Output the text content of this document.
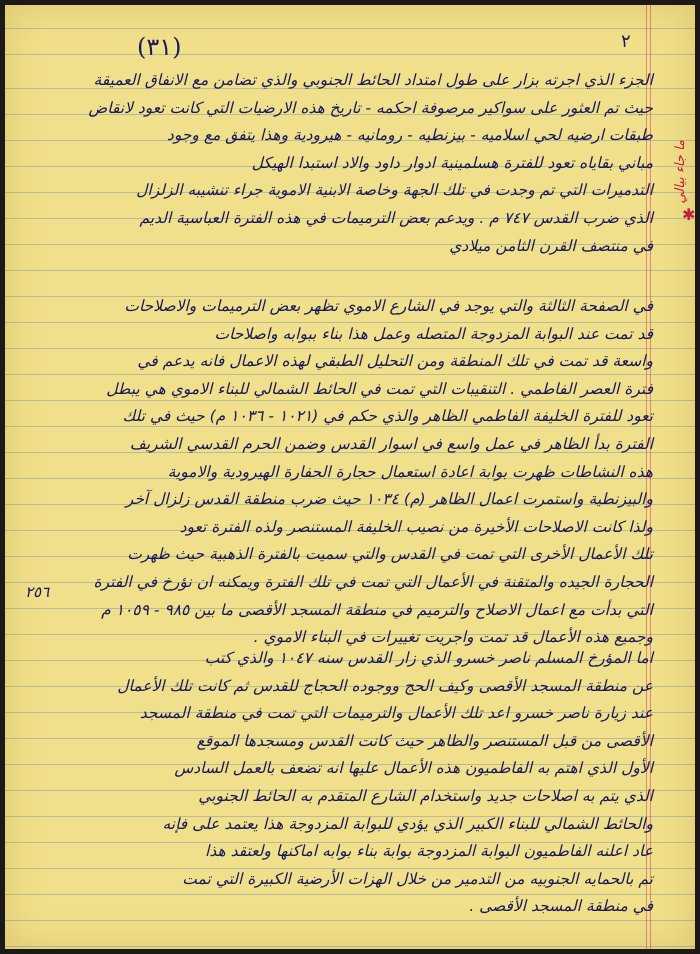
(٣١)	٢
ما جاء بيالي
✱
٢٥٦
الجزء الذي اجرته بزار على طول امتداد الحائط الجنوبي والذي تضامن مع الانفاق العميقة
حيث تم العثور على سواكير مرصوفة احكمه - تاريخ هذه الارضيات التي كانت تعود لانقاض
طبقات ارضيه لحي اسلاميه - بيزنطيه - رومانيه - هيرودية وهذا يتفق مع وجود
مباني بقاياه تعود للفترة هسلمينية ادوار داود والاد استبدا الهيكل
التدميرات التي تم وجدت في تلك الجهة وخاصة الابنية الاموية جراء تنشيبه الزلزال
الذي ضرب القدس ٧٤٧ م . ويدعم بعض الترميمات في هذه الفترة العباسية الديم
في منتصف القرن الثامن ميلادي
في الصفحة الثالثة والتي يوجد في الشارع الاموي تظهر بعض الترميمات والاصلاحات
قد تمت عند البوابة المزدوجة المتصله وعمل هذا بناء ببوابه واصلاحات
واسعة قد تمت في تلك المنطقة ومن التحليل الطبقي لهذه الاعمال فانه يدعم في
فترة العصر الفاطمي . التنقيبات التي تمت في الحائط الشمالي للبناء الاموي هي يبطل
تعود للفترة الخليفة الفاطمي الظاهر والذي حكم في (١٠٢١ - ١٠٣٦ م) حيث في تلك
الفترة بدأ الظاهر في عمل واسع في اسوار القدس وضمن الحرم القدسي الشريف
هذه النشاطات ظهرت بوابة اعادة استعمال حجارة الحفارة الهيرودية والاموية
والبيزنطية واستمرت اعمال الظاهر (م) ١٠٣٤ حيث ضرب منطقة القدس زلزال آخر
ولذا كانت الاصلاحات الأخيرة من نصيب الخليفة المستنصر ولذه الفترة تعود
تلك الأعمال الأخرى التي تمت في القدس والتي سميت بالفترة الذهبية حيث ظهرت
الحجارة الجيده والمتقنة في الأعمال التي تمت في تلك الفترة ويمكنه ان نؤرخ في الفترة
التي بدأت مع اعمال الاصلاح والترميم في منطقة المسجد الأقصى ما بين ٩٨٥ - ١٠٥٩ م
وجميع هذه الأعمال قد تمت واجريت تغييرات في البناء الاموي .
اما المؤرخ المسلم ناصر خسرو الذي زار القدس سنه ١٠٤٧ والذي كتب
عن منطقة المسجد الأقصى وكيف الحج ووجوده الحجاج للقدس ثم كانت تلك الأعمال
عند زيارة ناصر خسرو اعد تلك الأعمال والترميمات التي تمت في منطقة المسجد
الأقصى من قبل المستنصر والظاهر حيث كانت القدس ومسجدها الموقع
الأول الذي اهتم به الفاطميون هذه الأعمال عليها انه تضعف بالعمل السادس
الذي يتم به اصلاحات جديد واستخدام الشارع المتقدم به الحائط الجنوبي
والحائط الشمالي للبناء الكبير الذي يؤدي للبوابة المزدوجة هذا يعتمد على فإنه
عاد اعلنه الفاطميون البوابة المزدوجة بوابة بناء بوابه اماكنها ولعتقد هذا
تم بالحمايه الجنوبيه من التدمير من خلال الهزات الأرضية الكبيرة التي تمت
في منطقة المسجد الأقصى .
